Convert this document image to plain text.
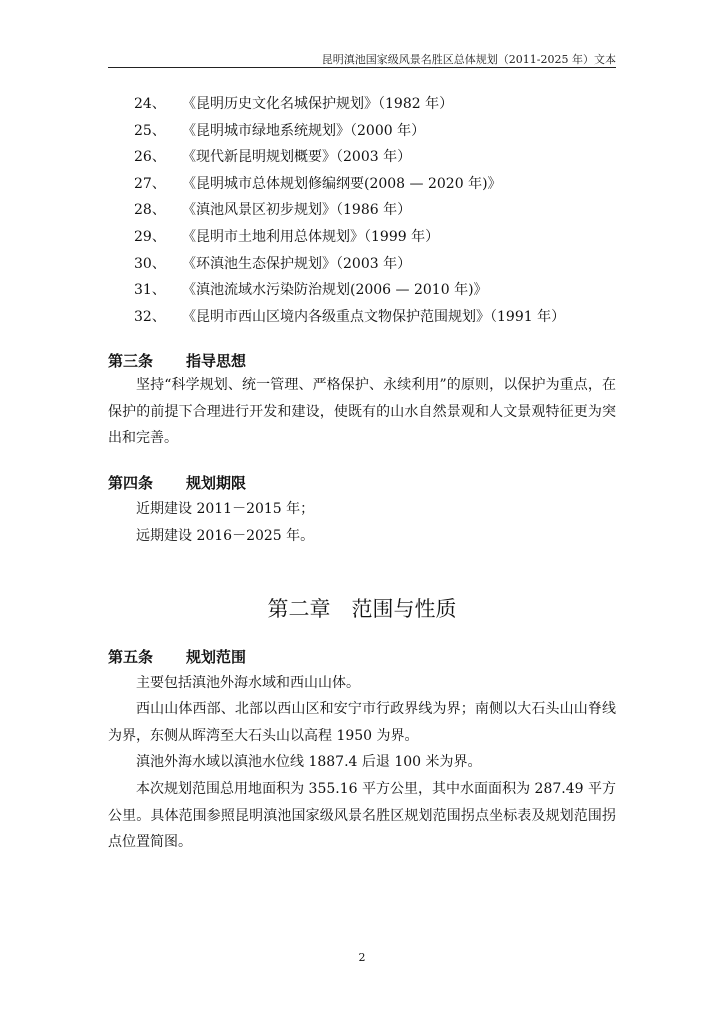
昆明滇池国家级风景名胜区总体规划（2011-2025 年）文本
24、	《昆明历史文化名城保护规划》（1982 年）
25、	《昆明城市绿地系统规划》（2000 年）
26、	《现代新昆明规划概要》（2003 年）
27、	《昆明城市总体规划修编纲要(2008 — 2020 年)》
28、	《滇池风景区初步规划》（1986 年）
29、	《昆明市土地利用总体规划》（1999 年）
30、	《环滇池生态保护规划》（2003 年）
31、	《滇池流域水污染防治规划(2006 — 2010 年)》
32、	《昆明市西山区境内各级重点文物保护范围规划》（1991 年）
第三条	指导思想

坚持“科学规划、统一管理、严格保护、永续利用”的原则，以保护为重点，在保护的前提下合理进行开发和建设，使既有的山水自然景观和人文景观特征更为突出和完善。

第四条	规划期限

近期建设 2011－2015 年；

远期建设 2016－2025 年。

第二章　范围与性质
第五条	规划范围

主要包括滇池外海水域和西山山体。

西山山体西部、北部以西山区和安宁市行政界线为界；南侧以大石头山山脊线为界，东侧从晖湾至大石头山以高程 1950 为界。

滇池外海水域以滇池水位线 1887.4 后退 100 米为界。

本次规划范围总用地面积为 355.16 平方公里，其中水面面积为 287.49 平方公里。具体范围参照昆明滇池国家级风景名胜区规划范围拐点坐标表及规划范围拐点位置简图。

2
